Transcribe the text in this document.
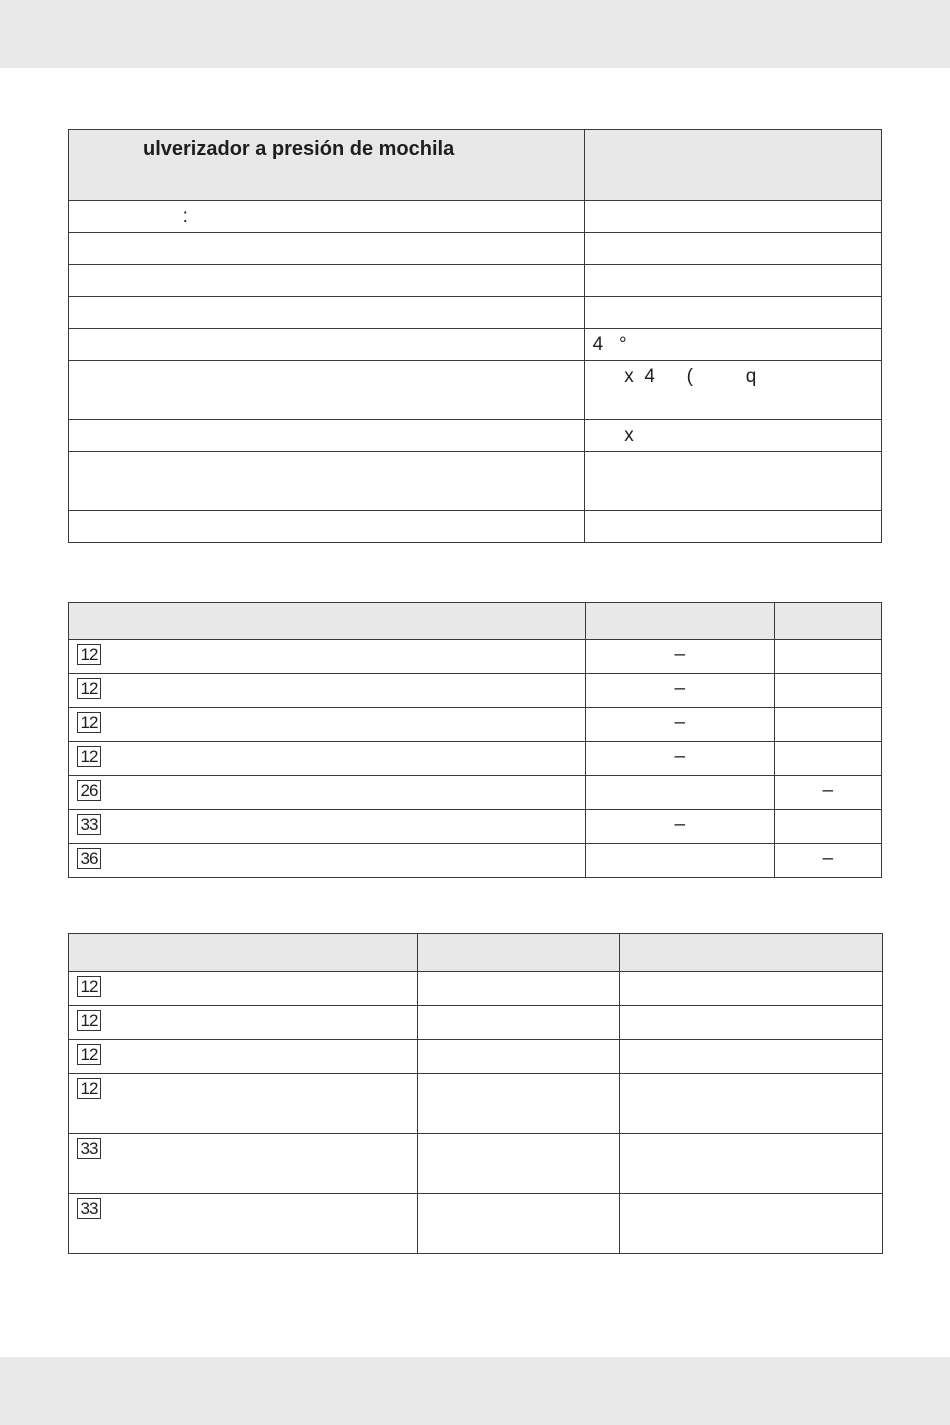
ulverizador a presión de mochila	

:	

	4   °
	x  4      (          q
	x

12	–	
12	–	
12	–	
12	–	
26		–
33	–	
36		–

12		
12		
12		
12		
33		
33		
